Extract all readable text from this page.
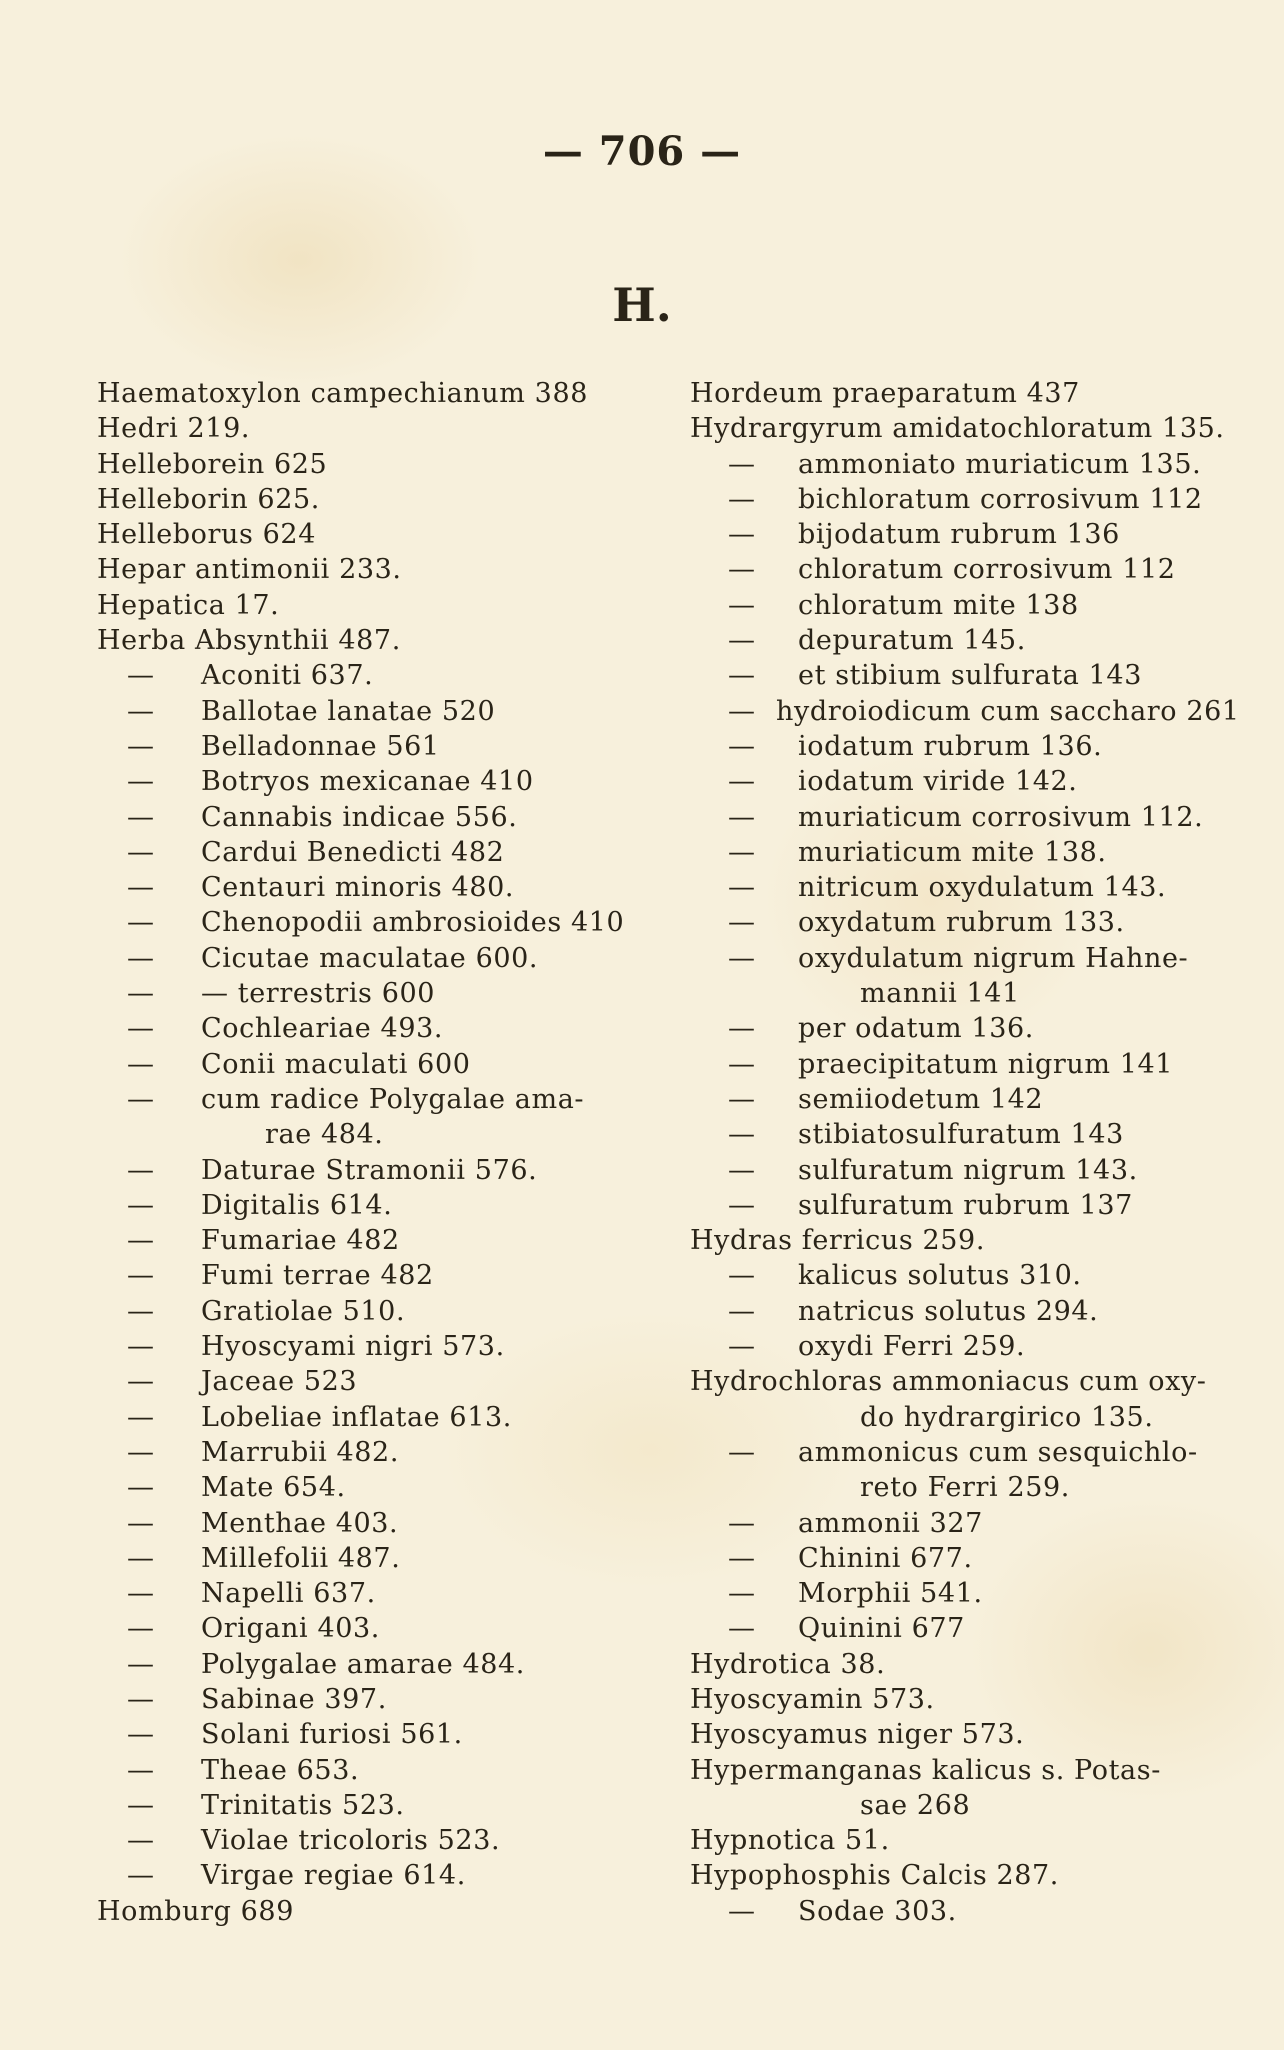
— 706 —
H.
Haematoxylon campechianum 388
Hedri 219.
Helleborein 625
Helleborin 625.
Helleborus 624
Hepar antimonii 233.
Hepatica 17.
Herba Absynthii 487.
—	Aconiti 637.
—	Ballotae lanatae 520
—	Belladonnae 561
—	Botryos mexicanae 410
—	Cannabis indicae 556.
—	Cardui Benedicti 482
—	Centauri minoris 480.
—	Chenopodii ambrosioides 410
—	Cicutae maculatae 600.
—	— terrestris 600
—	Cochleariae 493.
—	Conii maculati 600
—	cum radice Polygalae ama-
rae 484.
—	Daturae Stramonii 576.
—	Digitalis 614.
—	Fumariae 482
—	Fumi terrae 482
—	Gratiolae 510.
—	Hyoscyami nigri 573.
—	Jaceae 523
—	Lobeliae inflatae 613.
—	Marrubii 482.
—	Mate 654.
—	Menthae 403.
—	Millefolii 487.
—	Napelli 637.
—	Origani 403.
—	Polygalae amarae 484.
—	Sabinae 397.
—	Solani furiosi 561.
—	Theae 653.
—	Trinitatis 523.
—	Violae tricoloris 523.
—	Virgae regiae 614.
Homburg 689
Hordeum praeparatum 437
Hydrargyrum amidatochloratum 135.
—	ammoniato muriaticum 135.
—	bichloratum corrosivum 112
—	bijodatum rubrum 136
—	chloratum corrosivum 112
—	chloratum mite 138
—	depuratum 145.
—	et stibium sulfurata 143
— hydroiodicum cum saccharo 261
—	iodatum rubrum 136.
—	iodatum viride 142.
—	muriaticum corrosivum 112.
—	muriaticum mite 138.
—	nitricum oxydulatum 143.
—	oxydatum rubrum 133.
—	oxydulatum nigrum Hahne-
mannii 141
—	per odatum 136.
—	praecipitatum nigrum 141
—	semiiodetum 142
—	stibiatosulfuratum 143
—	sulfuratum nigrum 143.
—	sulfuratum rubrum 137
Hydras ferricus 259.
—	kalicus solutus 310.
—	natricus solutus 294.
—	oxydi Ferri 259.
Hydrochloras ammoniacus cum oxy-
do hydrargirico 135.
—	ammonicus cum sesquichlo-
reto Ferri 259.
—	ammonii 327
—	Chinini 677.
—	Morphii 541.
—	Quinini 677
Hydrotica 38.
Hyoscyamin 573.
Hyoscyamus niger 573.
Hypermanganas kalicus s. Potas-
sae 268
Hypnotica 51.
Hypophosphis Calcis 287.
—	Sodae 303.
